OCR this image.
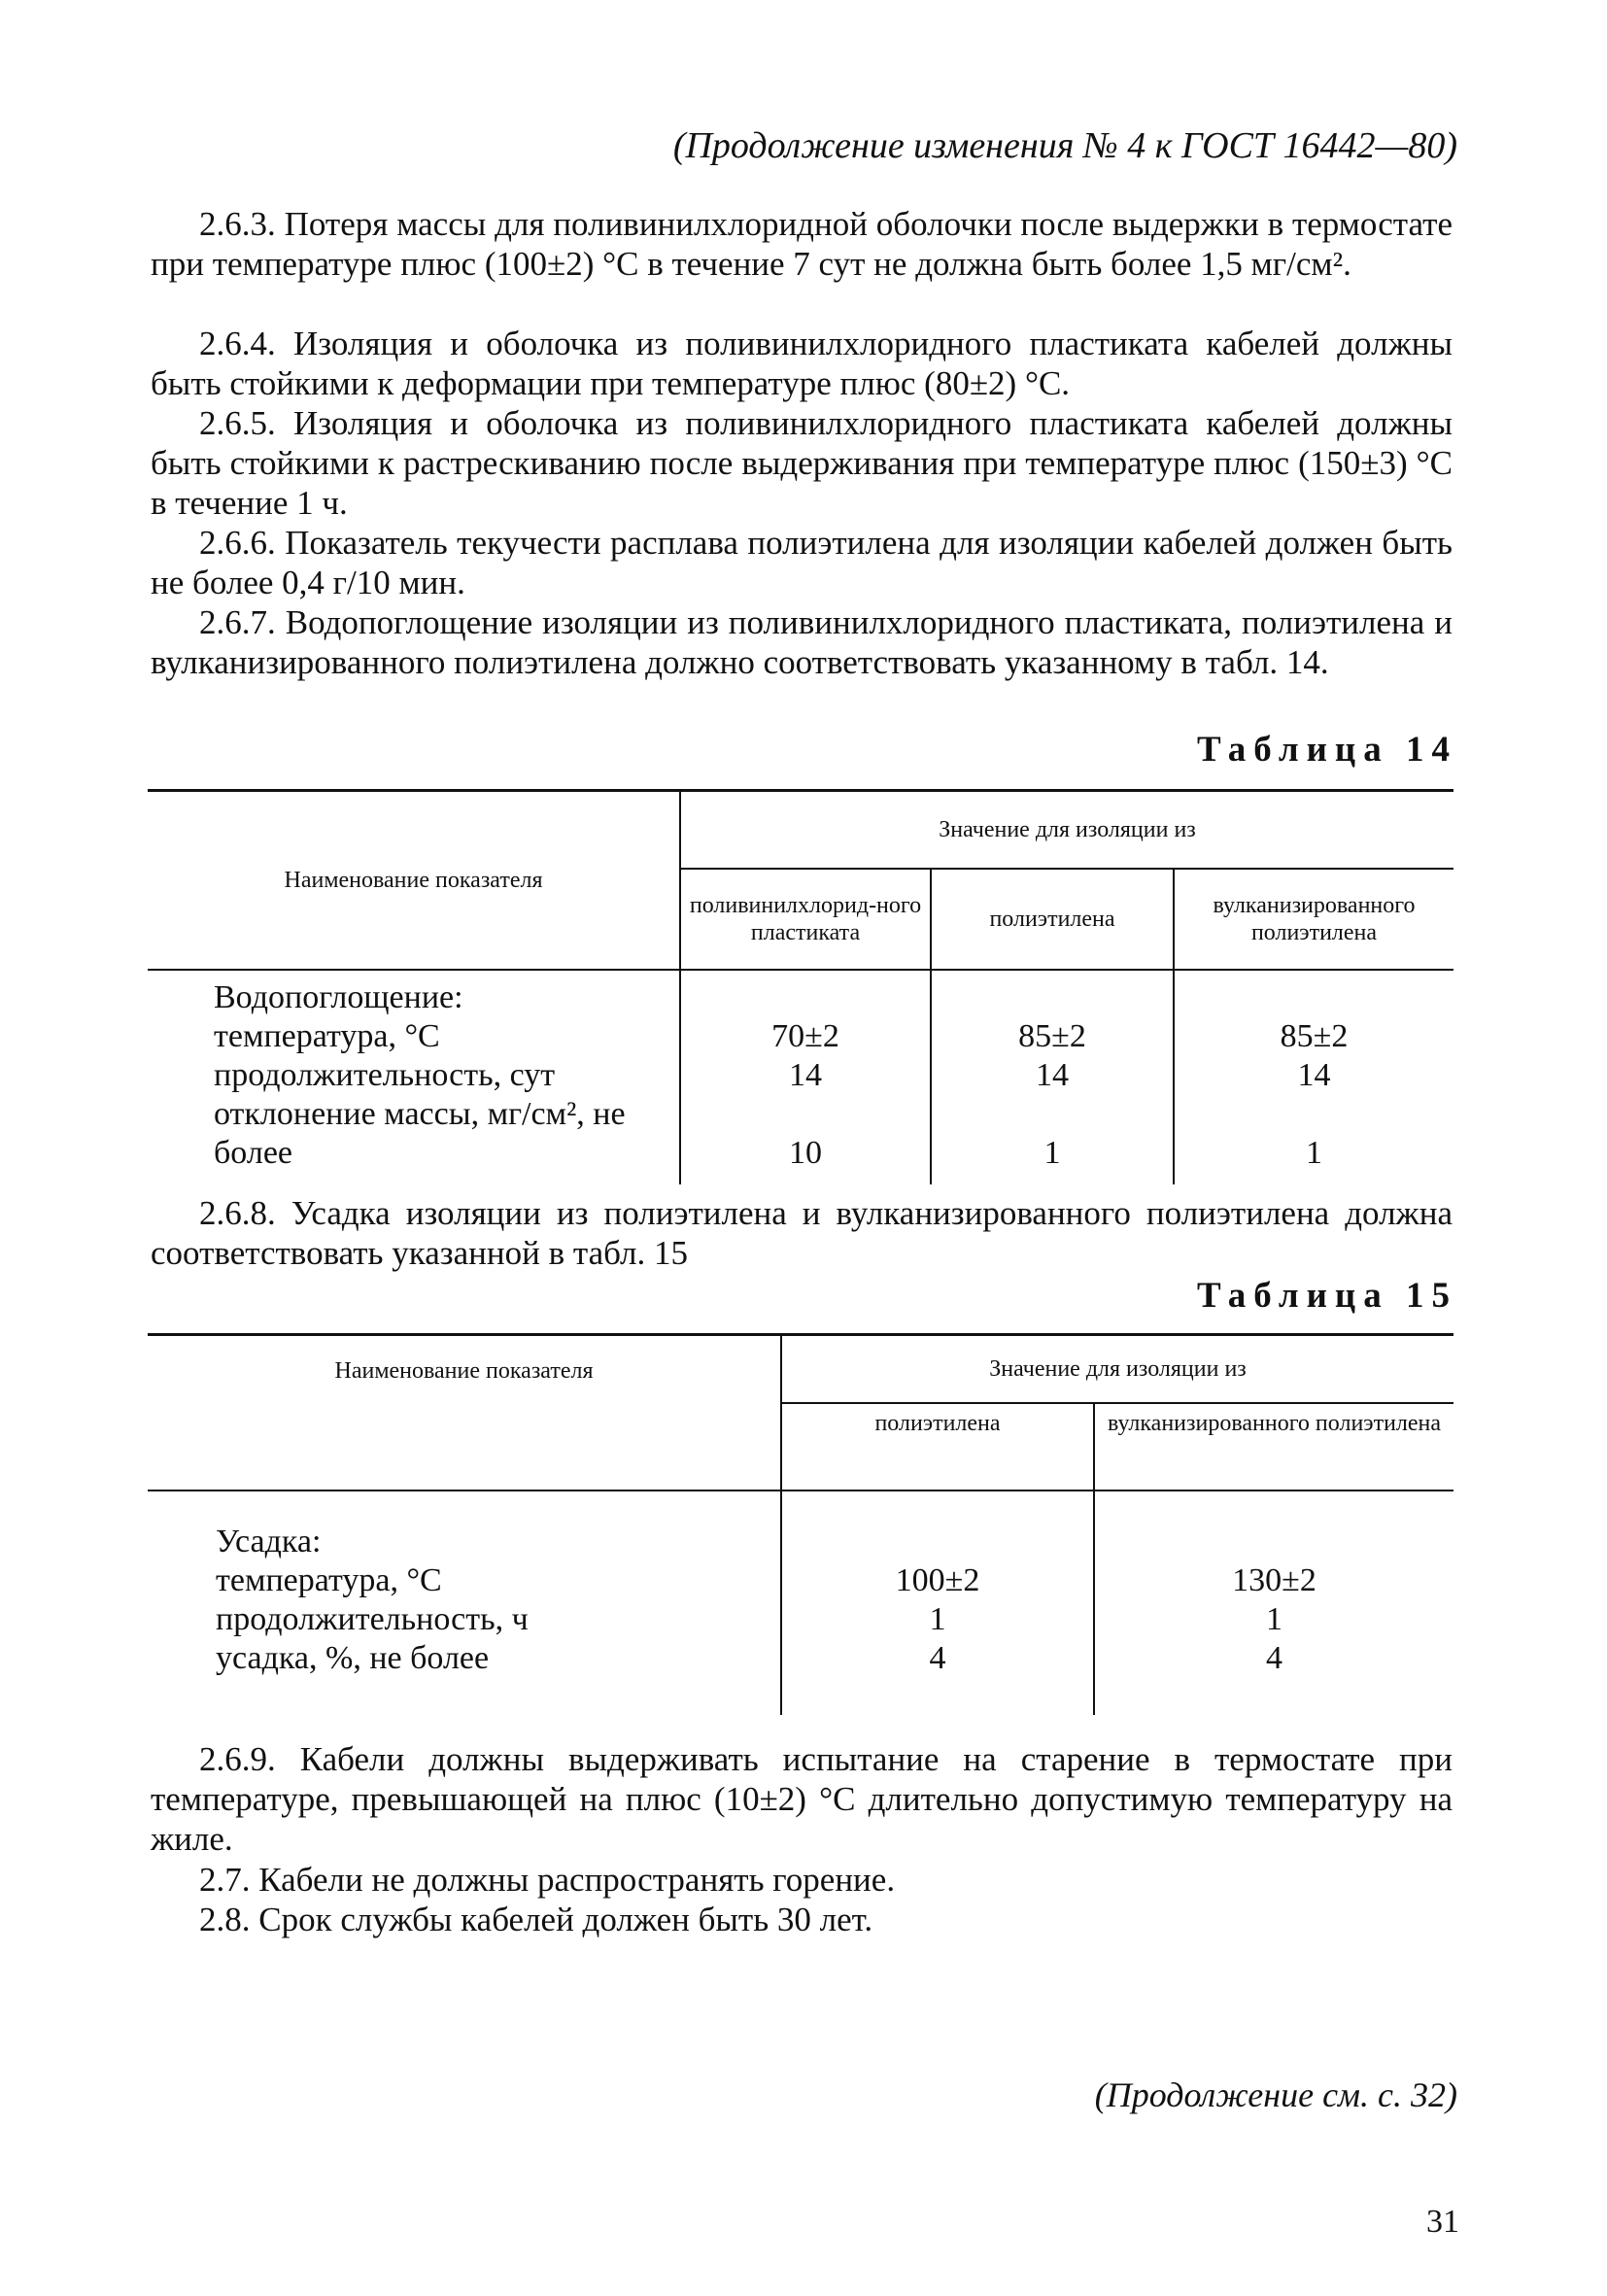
(Продолжение изменения № 4 к ГОСТ 16442—80)
2.6.3. Потеря массы для поливинилхлоридной оболочки после выдержки в термостате при температуре плюс (100±2) °С в течение 7 сут не должна быть более 1,5 мг/см².
2.6.4. Изоляция и оболочка из поливинилхлоридного пластиката кабелей должны быть стойкими к деформации при температуре плюс (80±2) °С.
2.6.5. Изоляция и оболочка из поливинилхлоридного пластиката кабелей должны быть стойкими к растрескиванию после выдерживания при температуре плюс (150±3) °С в течение 1 ч.
2.6.6. Показатель текучести расплава полиэтилена для изоляции кабелей должен быть не более 0,4 г/10 мин.
2.6.7. Водопоглощение изоляции из поливинилхлоридного пластиката, полиэтилена и вулканизированного полиэтилена должно соответствовать указанному в табл. 14.
Таблица 14
Наименование показателя	Значение для изоляции из		
	поливинилхлорид-ного пластиката	полиэтилена	вулканизированного полиэтилена
Водопоглощение:			
температура, °С	70±2	85±2	85±2
продолжительность, сут	14	14	14
отклонение массы, мг/см², не более	10	1	1
2.6.8. Усадка изоляции из полиэтилена и вулканизированного полиэтилена должна соответствовать указанной в табл. 15
Таблица 15
Наименование показателя	Значение для изоляции из	
	полиэтилена	вулканизированного полиэтилена
Усадка:		
температура, °С	100±2	130±2
продолжительность, ч	1	1
усадка, %, не более	4	4
2.6.9. Кабели должны выдерживать испытание на старение в термостате при температуре, превышающей на плюс (10±2) °С длительно допустимую температуру на жиле.
2.7. Кабели не должны распространять горение.
2.8. Срок службы кабелей должен быть 30 лет.
(Продолжение см. с. 32)
31
